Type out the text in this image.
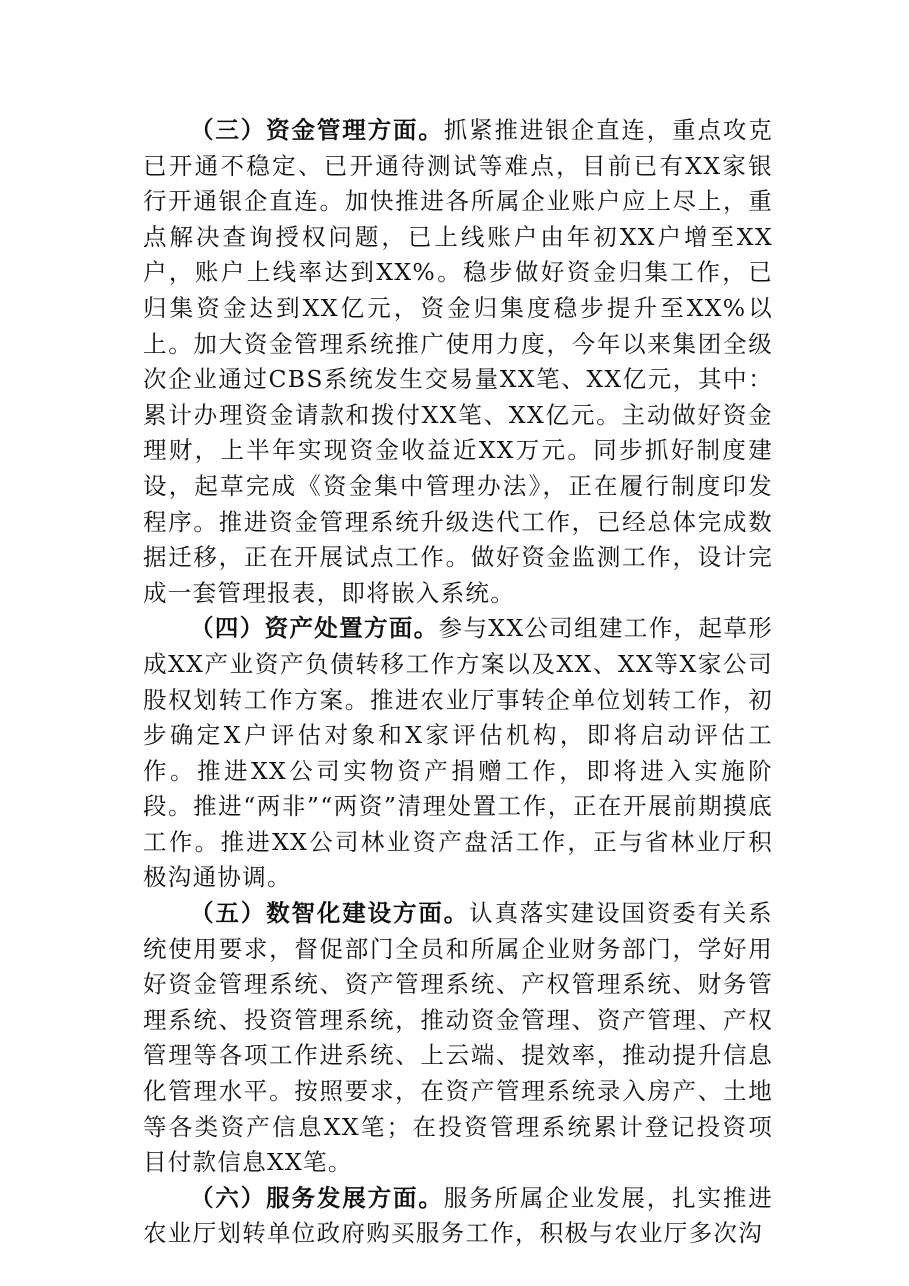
（三）资金管理方面。抓紧推进银企直连，重点攻克已开通不稳定、已开通待测试等难点，目前已有XX家银行开通银企直连。加快推进各所属企业账户应上尽上，重点解决查询授权问题，已上线账户由年初XX户增至XX户，账户上线率达到XX%。稳步做好资金归集工作，已归集资金达到XX亿元，资金归集度稳步提升至XX%以上。加大资金管理系统推广使用力度，今年以来集团全级次企业通过CBS系统发生交易量XX笔、XX亿元，其中：累计办理资金请款和拨付XX笔、XX亿元。主动做好资金理财，上半年实现资金收益近XX万元。同步抓好制度建设，起草完成《资金集中管理办法》，正在履行制度印发程序。推进资金管理系统升级迭代工作，已经总体完成数据迁移，正在开展试点工作。做好资金监测工作，设计完成一套管理报表，即将嵌入系统。

（四）资产处置方面。参与XX公司组建工作，起草形成XX产业资产负债转移工作方案以及XX、XX等X家公司股权划转工作方案。推进农业厅事转企单位划转工作，初步确定X户评估对象和X家评估机构，即将启动评估工作。推进XX公司实物资产捐赠工作，即将进入实施阶段。推进“两非”“两资”清理处置工作，正在开展前期摸底工作。推进XX公司林业资产盘活工作，正与省林业厅积极沟通协调。

（五）数智化建设方面。认真落实建设国资委有关系统使用要求，督促部门全员和所属企业财务部门，学好用好资金管理系统、资产管理系统、产权管理系统、财务管理系统、投资管理系统，推动资金管理、资产管理、产权管理等各项工作进系统、上云端、提效率，推动提升信息化管理水平。按照要求，在资产管理系统录入房产、土地等各类资产信息XX笔；在投资管理系统累计登记投资项目付款信息XX笔。

（六）服务发展方面。服务所属企业发展，扎实推进农业厅划转单位政府购买服务工作，积极与农业厅多次沟
